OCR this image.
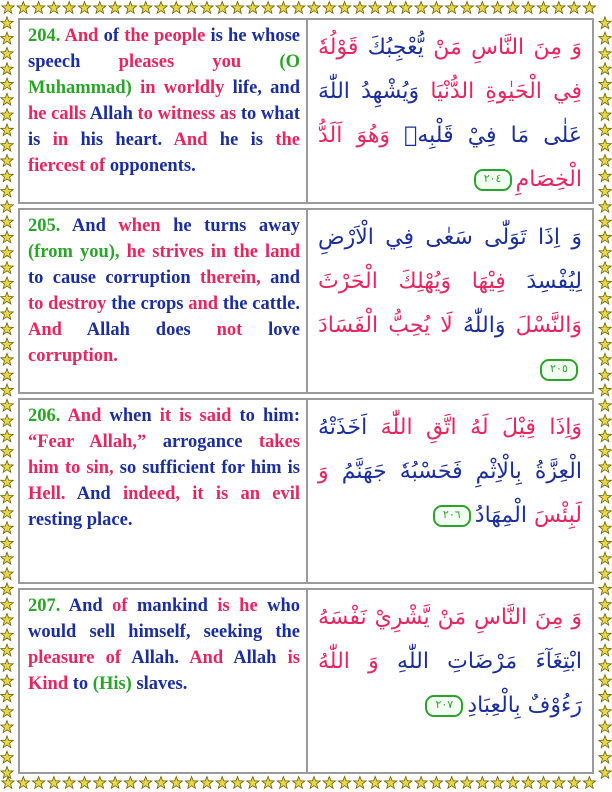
204. And of the people is he whose speech pleases you (O Muhammad) in worldly life, and he calls Allah to witness as to what is in his heart. And he is the fiercest of opponents.
وَ مِنَ النَّاسِ مَنْ يُّعْجِبُكَ قَوْلُهٗ فِي الْحَيٰوةِ الدُّنْيَا وَيُشْهِدُ اللّٰهَ عَلٰى مَا فِيْ قَلْبِهٖ وَهُوَ اَلَدُّ الْخِصَامِ٢٠٤
205. And when he turns away (from you), he strives in the land to cause corruption therein, and to destroy the crops and the cattle. And Allah does not love corruption.
وَ اِذَا تَوَلّٰى سَعٰى فِي الْاَرْضِ لِيُفْسِدَ فِيْهَا وَيُهْلِكَ الْحَرْثَ وَالنَّسْلَ وَاللّٰهُ لَا يُحِبُّ الْفَسَادَ٢٠٥
206. And when it is said to him: “Fear Allah,” arrogance takes him to sin, so sufficient for him is Hell. And indeed, it is an evil resting place.
وَاِذَا قِيْلَ لَهُ اتَّقِ اللّٰهَ اَخَذَتْهُ الْعِزَّةُ بِالْاِثْمِ فَحَسْبُهٗ جَهَنَّمُ وَ لَبِئْسَ الْمِهَادُ٢٠٦
207. And of mankind is he who would sell himself, seeking the pleasure of Allah. And Allah is Kind to (His) slaves.
وَ مِنَ النَّاسِ مَنْ يَّشْرِيْ نَفْسَهُ ابْتِغَآءَ مَرْضَاتِ اللّٰهِ وَ اللّٰهُ رَءُوْفٌ بِالْعِبَادِ٢٠٧
